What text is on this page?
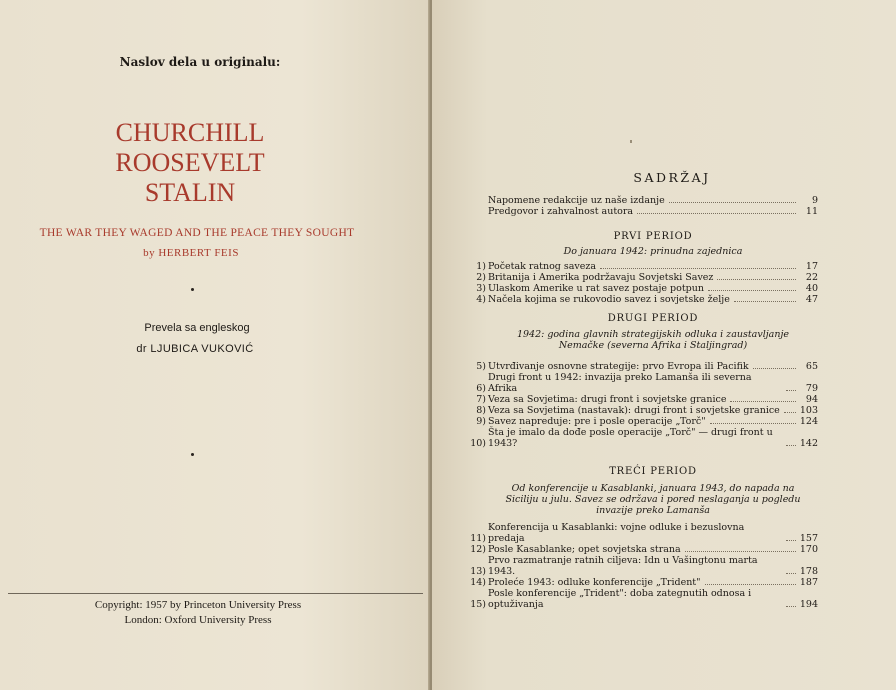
Naslov dela u originalu:
CHURCHILL
ROOSEVELT
STALIN
THE WAR THEY WAGED AND THE PEACE THEY SOUGHT
by HERBERT FEIS
Prevela sa engleskog
dr LJUBICA VUKOVIĆ
Copyright: 1957 by Princeton University Press
London: Oxford University Press
SADRŽAJ
Napomene redakcije uz naše izdanje	9
Predgovor i zahvalnost autora	11
PRVI PERIOD
Do januara 1942: prinudna zajednica
1) Početak ratnog saveza	17
2) Britanija i Amerika podržavaju Sovjetski Savez	22
3) Ulaskom Amerike u rat savez postaje potpun	40
4) Načela kojima se rukovodio savez i sovjetske želje	47
DRUGI PERIOD
1942: godina glavnih strategijskih odluka i zaustavljanje Nemačke (severna Afrika i Staljingrad)
5) Utvrđivanje osnovne strategije: prvo Evropa ili Pacifik	65
6)
Drugi front u 1942: invazija preko Lamanša ili severna Afrika	79
7) Veza sa Sovjetima: drugi front i sovjetske granice	94
8) Veza sa Sovjetima (nastavak): drugi front i sovjetske granice 103
9) Savez napreduje: pre i posle operacije „Torč"	124
10)
Šta je imalo da dođe posle operacije „Torč" — drugi front u 1943?	142
TREĆI PERIOD
Od konferencije u Kasablanki, januara 1943, do napada na Siciliju u julu. Savez se održava i pored neslaganja u pogledu invazije preko Lamanša
11)
Konferencija u Kasablanki: vojne odluke i bezuslovna predaja	157
12) Posle Kasablanke; opet sovjetska strana	170
13)
Prvo razmatranje ratnih ciljeva: Idn u Vašingtonu marta 1943.	178
14) Proleće 1943: odluke konferencije „Trident"	187
15)
Posle konferencije „Trident": doba zategnutih odnosa i optuživanja	194
